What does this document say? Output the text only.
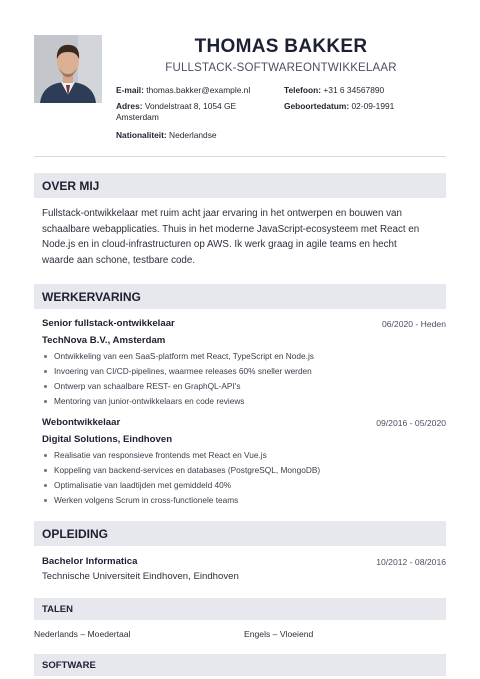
THOMAS BAKKER
FULLSTACK-SOFTWAREONTWIKKELAAR
E-mail: thomas.bakker@example.nl	Telefoon: +31 6 34567890
Adres: Vondelstraat 8, 1054 GE
Amsterdam
Geboortedatum: 02-09-1991
Nationaliteit: Nederlandse
OVER MIJ
Fullstack-ontwikkelaar met ruim acht jaar ervaring in het ontwerpen en bouwen van
schaalbare webapplicaties. Thuis in het moderne JavaScript-ecosysteem met React en
Node.js en in cloud-infrastructuren op AWS. Ik werk graag in agile teams en hecht
waarde aan schone, testbare code.
WERKERVARING
Senior fullstack-ontwikkelaar	06/2020 - Heden
TechNova B.V., Amsterdam
Ontwikkeling van een SaaS-platform met React, TypeScript en Node.js
Invoering van CI/CD-pipelines, waarmee releases 60% sneller werden
Ontwerp van schaalbare REST- en GraphQL-API's
Mentoring van junior-ontwikkelaars en code reviews
Webontwikkelaar	09/2016 - 05/2020
Digital Solutions, Eindhoven
Realisatie van responsieve frontends met React en Vue.js
Koppeling van backend-services en databases (PostgreSQL, MongoDB)
Optimalisatie van laadtijden met gemiddeld 40%
Werken volgens Scrum in cross-functionele teams
OPLEIDING
Bachelor Informatica	10/2012 - 08/2016
Technische Universiteit Eindhoven, Eindhoven
TALEN
Nederlands – Moedertaal	Engels – Vloeiend
SOFTWARE
